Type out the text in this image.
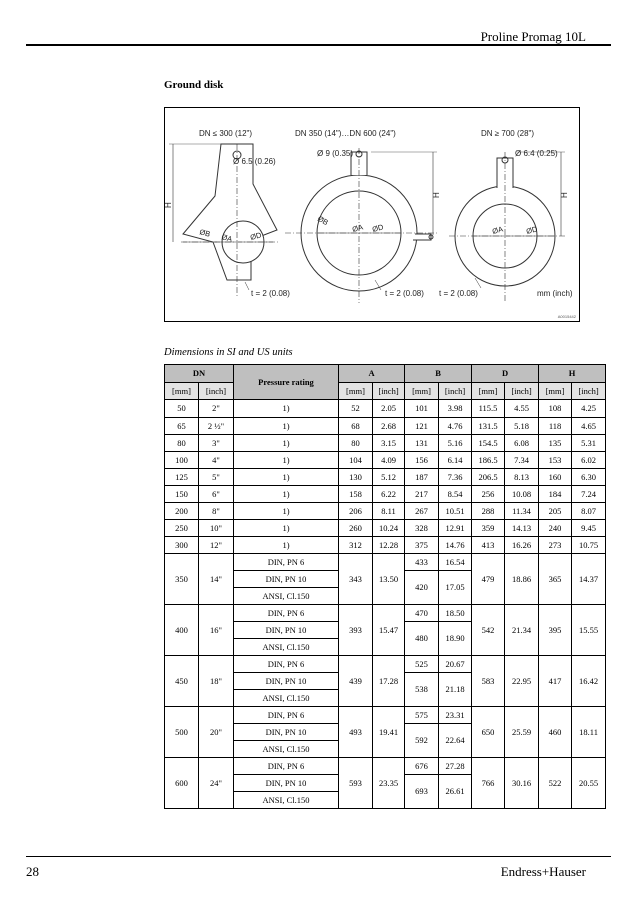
Proline Promag 10L
Ground disk
DN ≤ 300 (12")
Ø 6.5 (0.26)
H
ØB ØA ØD
t = 2 (0.08)
DN 350 (14")…DN 600 (24")
Ø 9 (0.35)
H
ØB
ØA ØD
t = 2 (0.08)
DN ≥ 700 (28")
Ø 6.4 (0.25)
H
ØA	ØD
t = 2 (0.08)	mm (inch)
A0015442
Dimensions in SI and US units
DN		Pressure rating	A		B		D		H	
[mm]	[inch]		[mm]	[inch]	[mm]	[inch]	[mm]	[inch]	[mm]	[inch]
50	2"	1)	52	2.05	101	3.98	115.5	4.55	108	4.25
65	2 ½"	1)	68	2.68	121	4.76	131.5	5.18	118	4.65
80	3"	1)	80	3.15	131	5.16	154.5	6.08	135	5.31
100	4"	1)	104	4.09	156	6.14	186.5	7.34	153	6.02
125	5"	1)	130	5.12	187	7.36	206.5	8.13	160	6.30
150	6"	1)	158	6.22	217	8.54	256	10.08	184	7.24
200	8"	1)	206	8.11	267	10.51	288	11.34	205	8.07
250	10"	1)	260	10.24	328	12.91	359	14.13	240	9.45
300	12"	1)	312	12.28	375	14.76	413	16.26	273	10.75
350	14"	DIN, PN 6	343	13.50	433	16.54	479	18.86	365	14.37
		DIN, PN 10			420	17.05				
		ANSI, Cl.150								
400	16"	DIN, PN 6	393	15.47	470	18.50	542	21.34	395	15.55
		DIN, PN 10			480	18.90				
		ANSI, Cl.150								
450	18"	DIN, PN 6	439	17.28	525	20.67	583	22.95	417	16.42
		DIN, PN 10			538	21.18				
		ANSI, Cl.150								
500	20"	DIN, PN 6	493	19.41	575	23.31	650	25.59	460	18.11
		DIN, PN 10			592	22.64				
		ANSI, Cl.150								
600	24"	DIN, PN 6	593	23.35	676	27.28	766	30.16	522	20.55
		DIN, PN 10			693	26.61				
		ANSI, Cl.150								
28	Endress+Hauser
